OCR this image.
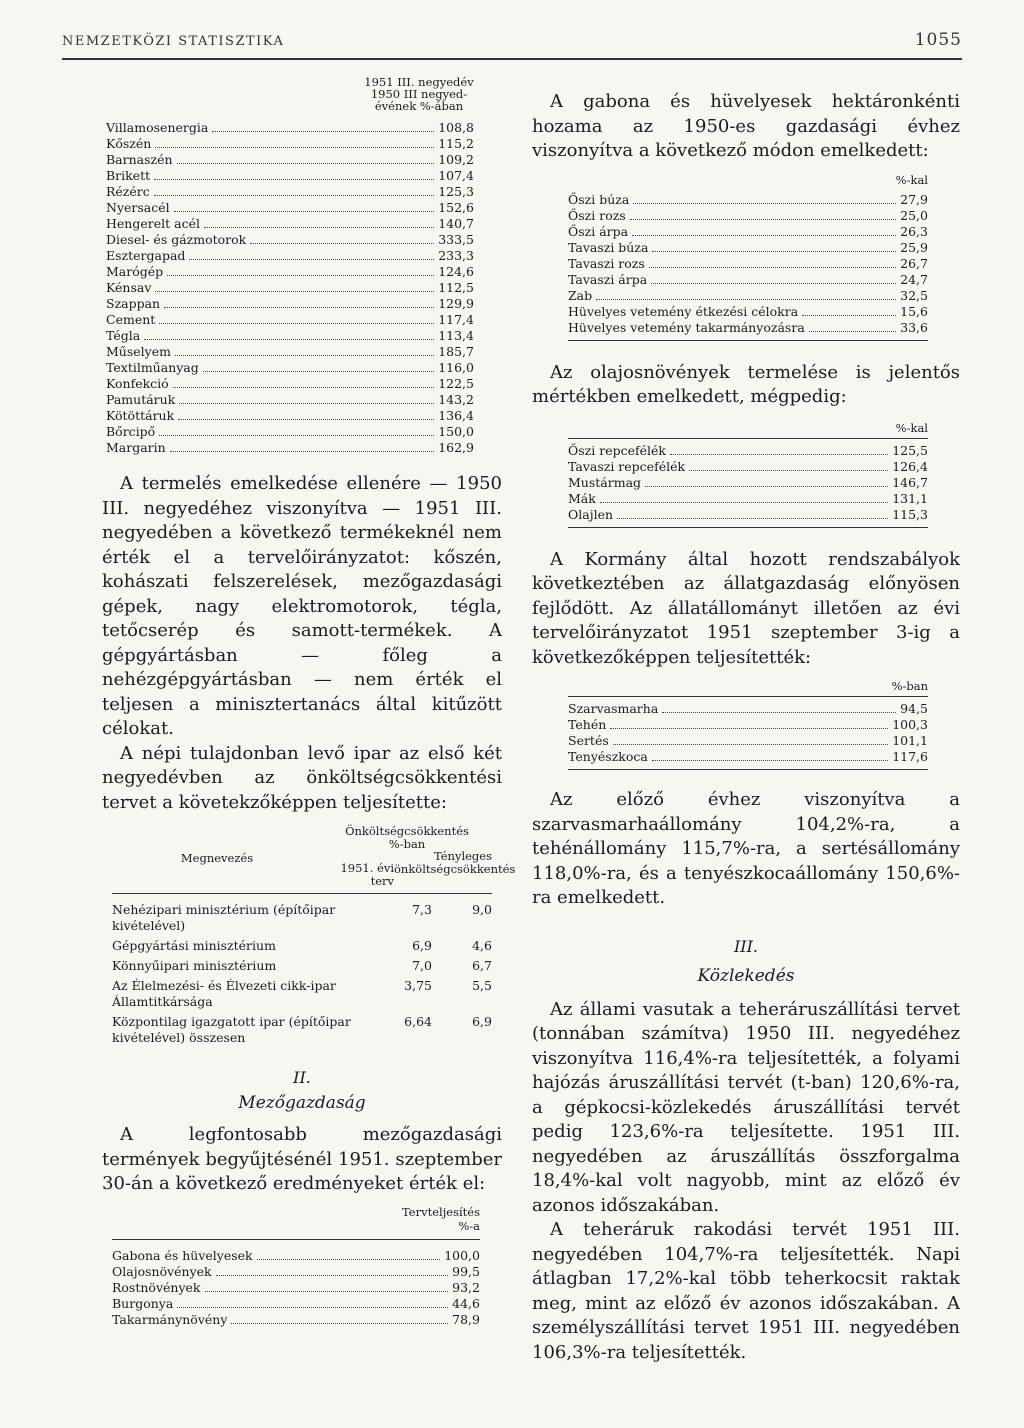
NEMZETKÖZI STATISZTIKA	1055
1951 III. negyedév
1950 III negyed-
évének %-ában
Villamosenergia	108,8
Kőszén	115,2
Barnaszén	109,2
Brikett	107,4
Rézérc	125,3
Nyersacél	152,6
Hengerelt acél	140,7
Diesel- és gázmotorok	333,5
Esztergapad	233,3
Marógép	124,6
Kénsav	112,5
Szappan	129,9
Cement	117,4
Tégla	113,4
Műselyem	185,7
Textilműanyag	116,0
Konfekció	122,5
Pamutáruk	143,2
Kötöttáruk	136,4
Bőrcipő	150,0
Margarin	162,9

A termelés emelkedése ellenére — 1950 III. negyedéhez viszonyítva — 1951 III. negyedében a következő termékeknél nem érték el a tervelőirányzatot: kőszén, kohászati felszerelések, mezőgazdasági gépek, nagy elektromotorok, tégla, tetőcserép és samott-termékek. A gépgyártásban — főleg a nehézgépgyártásban — nem érték el teljesen a minisztertanács által kitűzött célokat.

A népi tulajdonban levő ipar az első két negyedévben az önköltségcsökkentési tervet a követekzőképpen teljesítette:

Megnevezés
Önköltségcsökkentés
%-ban
1951. évi terv
Tényleges önköltségcsökkentés
Nehézipari minisztérium (építőipar kivételével)
7,3	9,0
Gépgyártási minisztérium	6,9	4,6
Könnyűipari minisztérium	7,0	6,7
Az Élelmezési- és Élvezeti cikk-ipar Államtitkársága
3,75	5,5
Központilag igazgatott ipar (építőipar kivételével) összesen
6,64	6,9

II.

Mezőgazdaság

A legfontosabb mezőgazdasági termények begyűjtésénél 1951. szeptember 30-án a következő eredményeket érték el:

Tervteljesítés
%-a
Gabona és hüvelyesek	100,0
Olajosnövények	99,5
Rostnövények	93,2
Burgonya	44,6
Takarmánynövény	78,9

A gabona és hüvelyesek hektáronkénti hozama az 1950-es gazdasági évhez viszonyítva a következő módon emelkedett:

%-kal
Őszi búza	27,9
Őszi rozs	25,0
Őszi árpa	26,3
Tavaszi búza	25,9
Tavaszi rozs	26,7
Tavaszi árpa	24,7
Zab	32,5
Hüvelyes vetemény étkezési célokra	15,6
Hüvelyes vetemény takarmányozásra	33,6

Az olajosnövények termelése is jelentős mértékben emelkedett, mégpedig:

%-kal
Őszi repcefélék	125,5
Tavaszi repcefélék	126,4
Mustármag	146,7
Mák	131,1
Olajlen	115,3

A Kormány által hozott rendszabályok következtében az állatgazdaság előnyösen fejlődött. Az állatállományt illetően az évi tervelőirányzatot 1951 szeptember 3-ig a következőképpen teljesítették:

%-ban
Szarvasmarha	94,5
Tehén	100,3
Sertés	101,1
Tenyészkoca	117,6

Az előző évhez viszonyítva a szarvasmarhaállomány 104,2%-ra, a tehénállomány 115,7%-ra, a sertésállomány 118,0%-ra, és a tenyészkocaállomány 150,6%-ra emelkedett.

III.

Közlekedés

Az állami vasutak a teheráruszállítási tervet (tonnában számítva) 1950 III. negyedéhez viszonyítva 116,4%-ra teljesítették, a folyami hajózás áruszállítási tervét (t-ban) 120,6%-ra, a gépkocsi-közlekedés áruszállítási tervét pedig 123,6%-ra teljesítette. 1951 III. negyedében az áruszállítás összforgalma 18,4%-kal volt nagyobb, mint az előző év azonos időszakában.

A teheráruk rakodási tervét 1951 III. negyedében 104,7%-ra teljesítették. Napi átlagban 17,2%-kal több teherkocsit raktak meg, mint az előző év azonos időszakában. A személyszállítási tervet 1951 III. negyedében 106,3%-ra teljesítették.
